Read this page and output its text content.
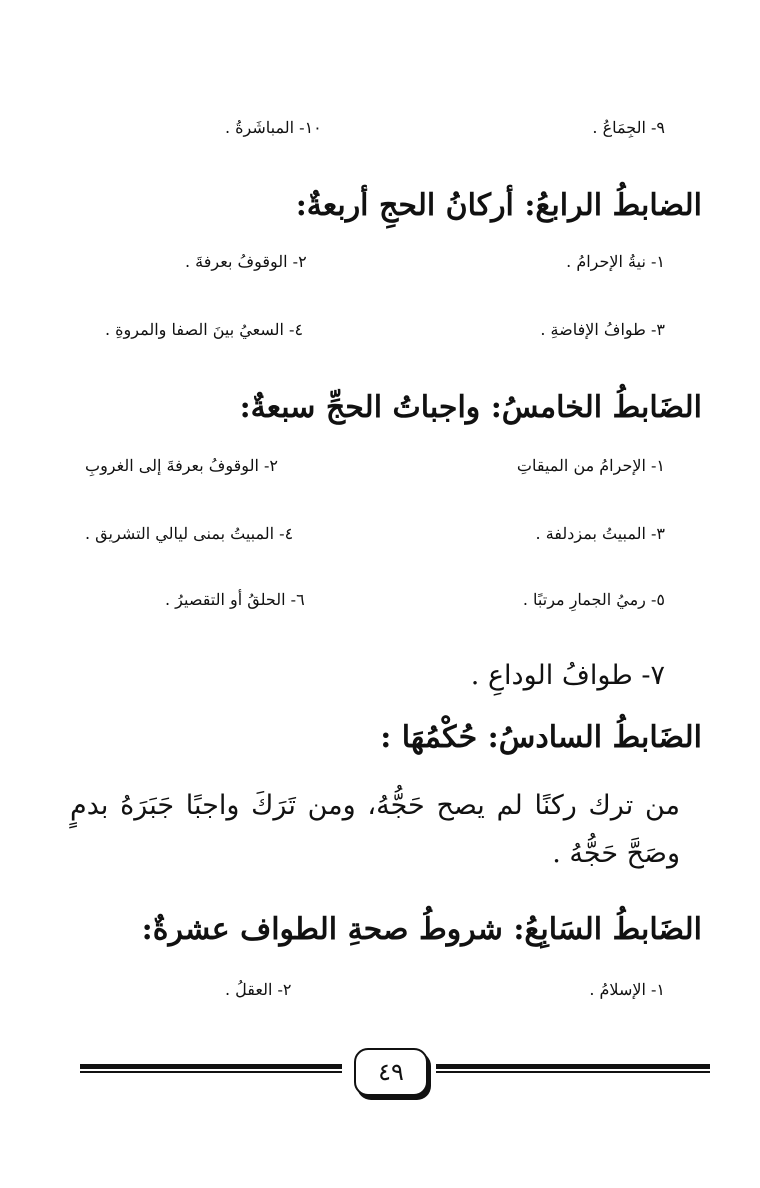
٩- الجِمَاعُ .
١٠- المباشَرةُ .
الضابطُ الرابعُ: أركانُ الحجِ أربعةٌ:
١- نيةُ الإحرامُ .
٢- الوقوفُ بعرفةَ .
٣- طوافُ الإفاضةِ .
٤- السعيُ بينَ الصفا والمروةِ .
الضَابطُ الخامسُ: واجباتُ الحجِّ سبعةٌ:
١- الإحرامُ من الميقاتِ
٢- الوقوفُ بعرفةَ إلى الغروبِ
٣- المبيتُ بمزدلفة .
٤- المبيتُ بمنى ليالي التشريق .
٥- رميُ الجمارِ مرتبًا .
٦- الحلقُ أو التقصيرُ .
٧- طوافُ الوداعِ .
الضَابطُ السادسُ: حُكْمُهَا :
من ترك ركنًا لم يصح حَجُّهُ، ومن تَرَكَ واجبًا جَبَرَهُ بدمٍ وصَحَّ حَجُّهُ .
الضَابطُ السَابِعُ: شروطُ صحةِ الطواف عشرةٌ:
١- الإسلامُ .
٢- العقلُ .
٤٩
